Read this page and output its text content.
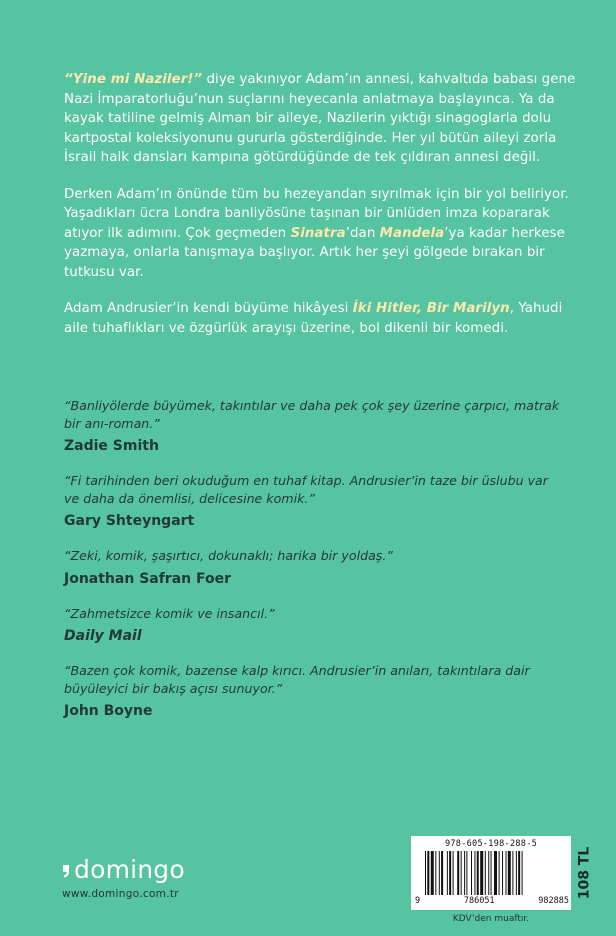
“Yine mi Naziler!” diye yakınıyor Adam’ın annesi, kahvaltıda babası gene Nazi İmparatorluğu’nun suçlarını heyecanla anlatmaya başlayınca. Ya da kayak tatiline gelmiş Alman bir aileye, Nazilerin yıktığı sinagoglarla dolu kartpostal koleksiyonunu gururla gösterdiğinde. Her yıl bütün aileyi zorla İsrail halk dansları kampına götürdüğünde de tek çıldıran annesi değil.

Derken Adam’ın önünde tüm bu hezeyandan sıyrılmak için bir yol beliriyor. Yaşadıkları ücra Londra banliyösüne taşınan bir ünlüden imza kopararak atıyor ilk adımını. Çok geçmeden Sinatra’dan Mandela’ya kadar herkese yazmaya, onlarla tanışmaya başlıyor. Artık her şeyi gölgede bırakan bir tutkusu var.

Adam Andrusier’in kendi büyüme hikâyesi İki Hitler, Bir Marilyn, Yahudi aile tuhaflıkları ve özgürlük arayışı üzerine, bol dikenli bir komedi.

“Banliyölerde büyümek, takıntılar ve daha pek çok şey üzerine çarpıcı, matrak bir anı-roman.”
Zadie Smith
“Fi tarihinden beri okuduğum en tuhaf kitap. Andrusier’in taze bir üslubu var ve daha da önemlisi, delicesine komik.”
Gary Shteyngart
“Zeki, komik, şaşırtıcı, dokunaklı; harika bir yoldaş.”
Jonathan Safran Foer
“Zahmetsizce komik ve insancıl.”
Daily Mail
“Bazen çok komik, bazense kalp kırıcı. Andrusier’in anıları, takıntılara dair büyüleyici bir bakış açısı sunuyor.”
John Boyne
domingo
www.domingo.com.tr
978-605-198-288-5
9	786051	982885
108 TL
KDV’den muaftır.
